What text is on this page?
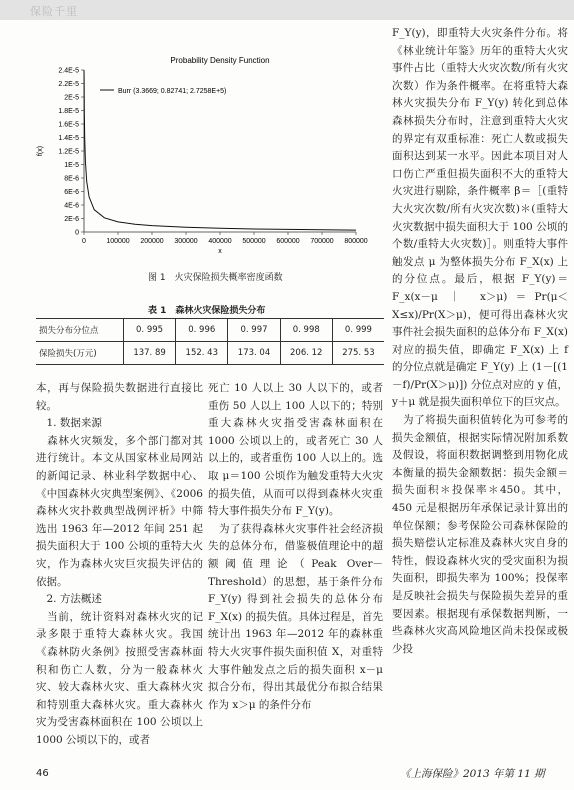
保险千里
Probability Density Function
0
2E-6
4E-6
6E-6
8E-6
1E-5
1.2E-5
1.4E-5
1.6E-5
1.8E-5
2E-5
2.2E-5
2.4E-5
0	100000 200000 300000 400000 500000 600000 700000 800000
x
f(x)
Burr (3.3669; 0.82741; 2.7258E+5)
图 1　火灾保险损失概率密度函数
表 1　森林火灾保险损失分布
损失分布分位点	0. 995	0. 996	0. 997	0. 998	0. 999
保险损失(万元)	137. 89	152. 43	173. 04	206. 12	275. 53

本，再与保险损失数据进行直接比较。

　1. 数据来源

　森林火灾频发，多个部门都对其进行统计。本文从国家林业局网站的新闻记录、林业科学数据中心、《中国森林火灾典型案例》、《2006 森林火灾扑救典型战例评析》中筛选出 1963 年—2012 年间 251 起损失面积大于 100 公顷的重特大火灾，作为森林火灾巨灾损失评估的依据。

　2. 方法概述

　当前，统计资料对森林火灾的记录多限于重特大森林火灾。我国《森林防火条例》按照受害森林面积和伤亡人数，分为一般森林火灾、较大森林火灾、重大森林火灾和特别重大森林火灾。重大森林火灾为受害森林面积在 100 公顷以上 1000 公顷以下的，或者

死亡 10 人以上 30 人以下的，或者重伤 50 人以上 100 人以下的；特别重大森林火灾指受害森林面积在 1000 公顷以上的，或者死亡 30 人以上的，或者重伤 100 人以上的。选取 μ＝100 公顷作为触发重特大火灾的损失值，从而可以得到森林火灾重特大事件损失分布 F_Y(y)。

　为了获得森林火灾事件社会经济损失的总体分布，借鉴极值理论中的超额阈值理论（Peak Over－Threshold）的思想，基于条件分布 F_Y(y) 得到社会损失的总体分布 F_X(x) 的损失值。具体过程是，首先统计出 1963 年—2012 年的森林重特大火灾事件损失面积值 X，对重特大事件触发点之后的损失面积 x－μ 拟合分布，得出其最优分布拟合结果作为 x＞μ 的条件分布

F_Y(y)，即重特大火灾条件分布。将《林业统计年鉴》历年的重特大火灾事件占比（重特大火灾次数/所有火灾次数）作为条件概率。在将重特大森林火灾损失分布 F_Y(y) 转化到总体森林损失分布时，注意到重特大火灾的界定有双重标准：死亡人数或损失面积达到某一水平。因此本项目对人口伤亡严重但损失面积不大的重特大火灾进行剔除，条件概率 β＝［(重特大火灾次数/所有火灾次数)＊(重特大火灾数据中损失面积大于 100 公顷的个数/重特大火灾数)］。则重特大事件触发点 μ 为整体损失分布 F_X(x) 上的分位点。最后，根据 F_Y(y)＝F_x(x－μ ｜ x＞μ)＝Pr(μ＜X≤x)/Pr(X＞μ)，便可得出森林火灾事件社会损失面积的总体分布 F_X(x) 对应的损失值，即确定 F_X(x) 上 f 的分位点就是确定 F_Y(y) 上 (1－[(1－f)/Pr(X＞μ)]) 分位点对应的 y 值，y＋μ 就是损失面积单位下的巨灾点。

　为了将损失面积值转化为可参考的损失金额值，根据实际情况附加系数及假设，将面积数据调整到用物化成本衡量的损失金额数据：损失金额＝损失面积＊投保率＊450。其中，450 元是根据历年承保记录计算出的单位保额；参考保险公司森林保险的损失赔偿认定标准及森林火灾自身的特性，假设森林火灾的受灾面积为损失面积，即损失率为 100%；投保率是反映社会损失与保险损失差异的重要因素。根据现有承保数据判断，一些森林火灾高风险地区尚未投保或极少投

46	《上海保险》2013 年第 11 期
